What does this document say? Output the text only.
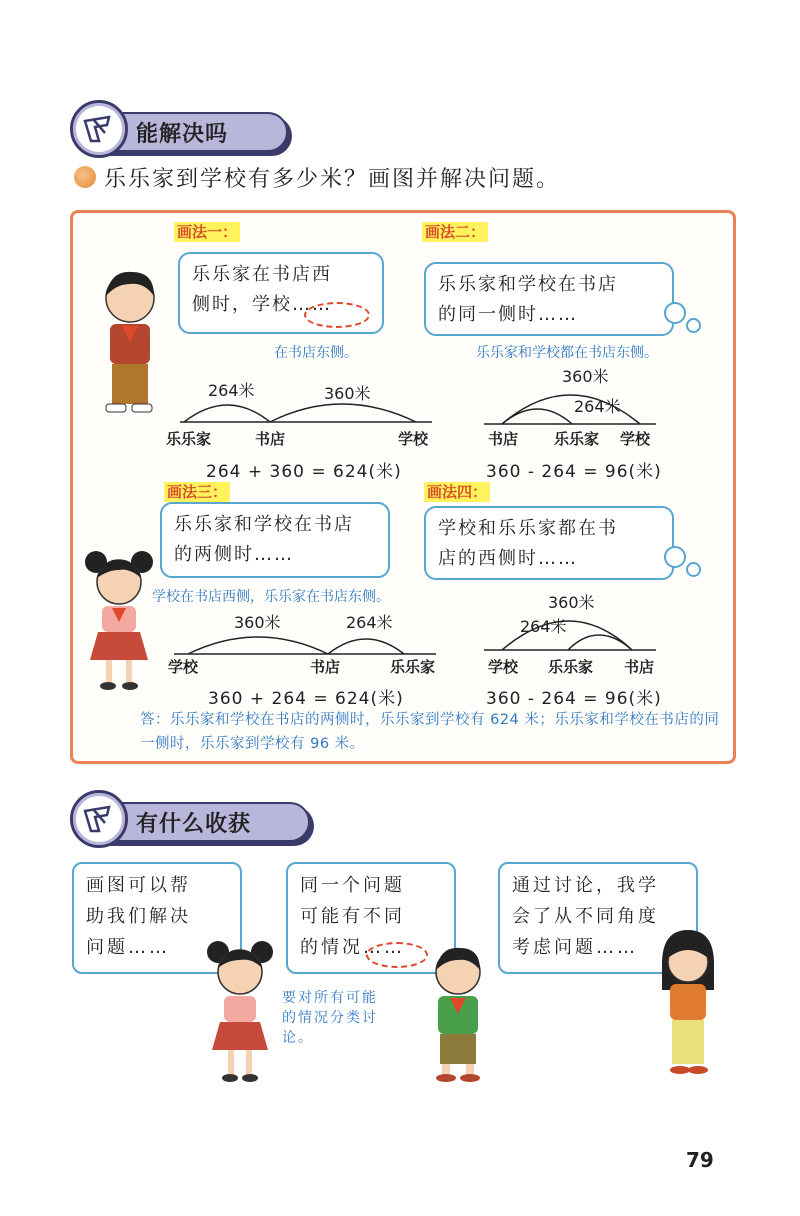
能解决吗
乐乐家到学校有多少米？画图并解决问题。
画法一：
乐乐家在书店西
侧时，学校……
在书店东侧。
264米	360米
乐乐家	书店	学校
264 + 360 = 624(米)
画法二：
乐乐家和学校在书店
的同一侧时……
乐乐家和学校都在书店东侧。
360米
264米
书店 乐乐家 学校
360 - 264 = 96(米)
画法三：
乐乐家和学校在书店
的两侧时……
学校在书店西侧，乐乐家在书店东侧。
360米	264米
学校	书店	乐乐家
360 + 264 = 624(米)
画法四：
学校和乐乐家都在书
店的西侧时……
360米
264米
学校 乐乐家 书店
360 - 264 = 96(米)
答：乐乐家和学校在书店的两侧时，乐乐家到学校有 624 米；乐乐家和学校在书店的同一侧时，乐乐家到学校有 96 米。
有什么收获
画图可以帮
助我们解决
问题……
同一个问题
可能有不同
的情况……
通过讨论，我学
会了从不同角度
考虑问题……
要对所有可能
的情况分类讨
论。
79
